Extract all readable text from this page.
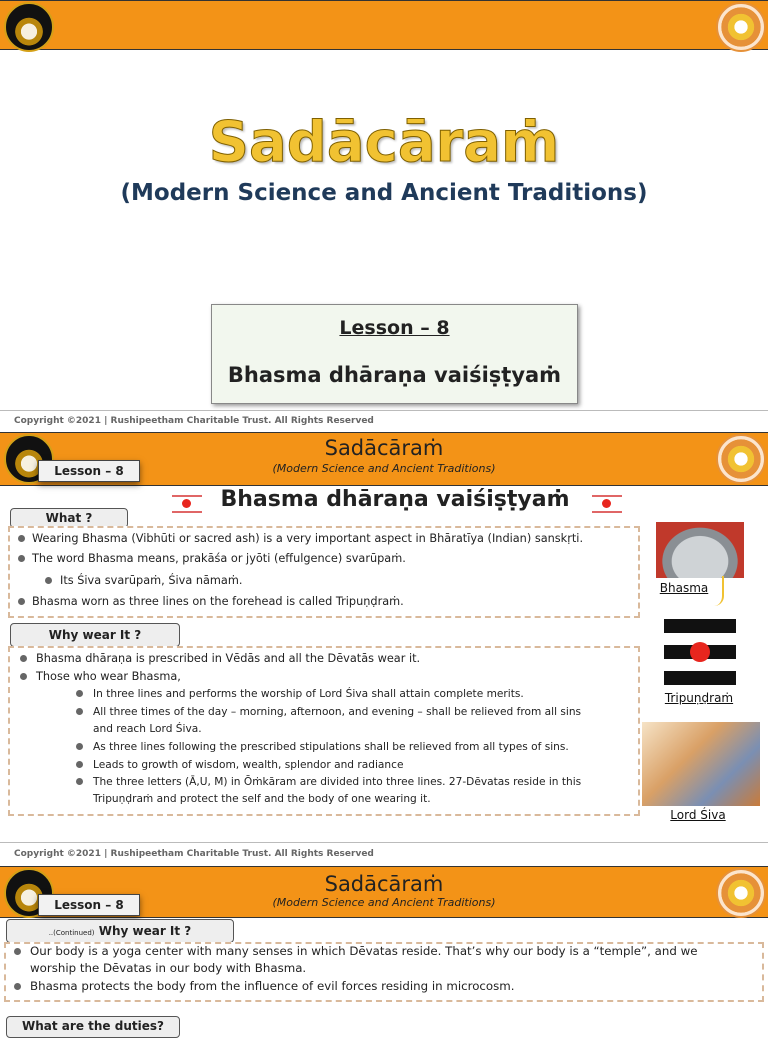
Sadācāraṁ
(Modern Science and Ancient Traditions)
Lesson – 8
Bhasma dhāraṇa vaiśiṣṭyaṁ
Copyright ©2021 | Rushipeetham Charitable Trust. All Rights Reserved
Sadācāraṁ
(Modern Science and Ancient Traditions)
Lesson – 8
Bhasma dhāraṇa vaiśiṣṭyaṁ
What ?
Wearing Bhasma (Vibhūti or sacred ash) is a very important aspect in Bhāratīya (Indian) sanskṛti.
The word Bhasma means, prakāśa or jyōti (effulgence) svarūpaṁ.
Its Śiva svarūpaṁ, Śiva nāmaṁ.
Bhasma worn as three lines on the forehead is called Tripuṇḍraṁ.
Why wear It ?
Bhasma dhāraṇa is prescribed in Vēdās and all the Dēvatās wear it.
Those who wear Bhasma,
In three lines and performs the worship of Lord Śiva shall attain complete merits.
All three times of the day – morning, afternoon, and evening – shall be relieved from all sins
and reach Lord Śiva.
As three lines following the prescribed stipulations shall be relieved from all types of sins.
Leads to growth of wisdom, wealth, splendor and radiance
The three letters (Ā,U, M) in Ōṁkāram are divided into three lines. 27-Dēvatas reside in this
Tripuṇḍraṁ and protect the self and the body of one wearing it.
Bhasma
Tripuṇḍraṁ
Lord Śiva
Copyright ©2021 | Rushipeetham Charitable Trust. All Rights Reserved
Sadācāraṁ
(Modern Science and Ancient Traditions)
Lesson – 8
..(Continued) Why wear It ?
Our body is a yoga center with many senses in which Dēvatas reside. That’s why our body is a “temple”, and we
worship the Dēvatas in our body with Bhasma.
Bhasma protects the body from the influence of evil forces residing in microcosm.
What are the duties?
